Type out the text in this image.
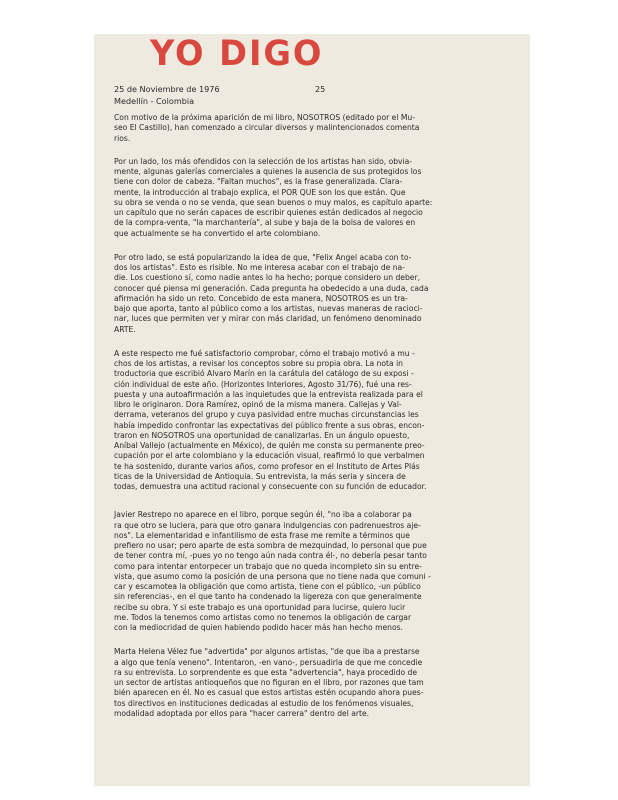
YO DIGO
25 de Noviembre de 1976
Medellín - Colombia
25

Con motivo de la próxima aparición de mi libro, NOSOTROS (editado por el Mu-
seo El Castillo), han comenzado a circular diversos y malintencionados comenta
rios.

Por un lado, los más ofendidos con la selección de los artistas han sido, obvia-
mente, algunas galerías comerciales a quienes la ausencia de sus protegidos los
tiene con dolor de cabeza. "Faltan muchos", es la frase generalizada. Clara-
mente, la introducción al trabajo explica, el POR QUE son los que están. Que
su obra se venda o no se venda, que sean buenos o muy malos, es capítulo aparte:
un capítulo que no serán capaces de escribir quienes están dedicados al negocio
de la compra-venta, "la marchantería", al sube y baja de la bolsa de valores en
que actualmente se ha convertido el arte colombiano.

Por otro lado, se está popularizando la idea de que, "Felix Angel acaba con to-
dos los artistas". Esto es risible. No me interesa acabar con el trabajo de na-
die. Los cuestiono sí, como nadie antes lo ha hecho; porque considero un deber,
conocer qué piensa mi generación. Cada pregunta ha obedecido a una duda, cada
afirmación ha sido un reto. Concebido de esta manera, NOSOTROS es un tra-
bajo que aporta, tanto al público como a los artistas, nuevas maneras de racioci-
nar, luces que permiten ver y mirar con más claridad, un fenómeno denominado
ARTE.

A este respecto me fué satisfactorio comprobar, cómo el trabajo motivó a mu -
chos de los artistas, a revisar los conceptos sobre su propia obra. La nota in
troductoria que escribió Alvaro Marín en la carátula del catálogo de su exposi -
ción individual de este año. (Horizontes Interiores, Agosto 31/76), fué una res-
puesta y una autoafirmación a las inquietudes que la entrevista realizada para el
libro le originaron. Dora Ramírez, opinó de la misma manera. Callejas y Val-
derrama, veteranos del grupo y cuya pasividad entre muchas circunstancias les
había impedido confrontar las expectativas del público frente a sus obras, encon-
traron en NOSOTROS una oportunidad de canalizarlas. En un ángulo opuesto,
Aníbal Vallejo (actualmente en México), de quién me consta su permanente preo-
cupación por el arte colombiano y la educación visual, reafirmó lo que verbalmen
te ha sostenido, durante varios años, como profesor en el Instituto de Artes Plás
ticas de la Universidad de Antioquia. Su entrevista, la más seria y sincera de
todas, demuestra una actitud racional y consecuente con su función de educador.

Javier Restrepo no aparece en el libro, porque según él, "no iba a colaborar pa
ra que otro se luciera, para que otro ganara indulgencias con padrenuestros aje-
nos". La elementaridad e infantilismo de esta frase me remite a términos que
prefiero no usar; pero aparte de esta sombra de mezquindad, lo personal que pue
de tener contra mí, -pues yo no tengo aún nada contra él-, no debería pesar tanto
como para intentar entorpecer un trabajo que no queda incompleto sin su entre-
vista, que asumo como la posición de una persona que no tiene nada que comuni -
car y escamotea la obligación que como artista, tiene con el público, -un público
sin referencias-, en el que tanto ha condenado la ligereza con que generalmente
recibe su obra. Y si este trabajo es una oportunidad para lucirse, quiero lucir
me. Todos la tenemos como artistas como no tenemos la obligación de cargar
con la mediocridad de quien habiendo podido hacer más han hecho menos.

Marta Helena Vélez fue "advertida" por algunos artistas, "de que iba a prestarse
a algo que tenía veneno". Intentaron, -en vano-, persuadirla de que me concedie
ra su entrevista. Lo sorprendente es que esta "advertencia", haya procedido de
un sector de artistas antioqueños que no figuran en el libro, por razones que tam
bién aparecen en él. No es casual que estos artistas estén ocupando ahora pues-
tos directivos en instituciones dedicadas al estudio de los fenómenos visuales,
modalidad adoptada por ellos para "hacer carrera" dentro del arte.
